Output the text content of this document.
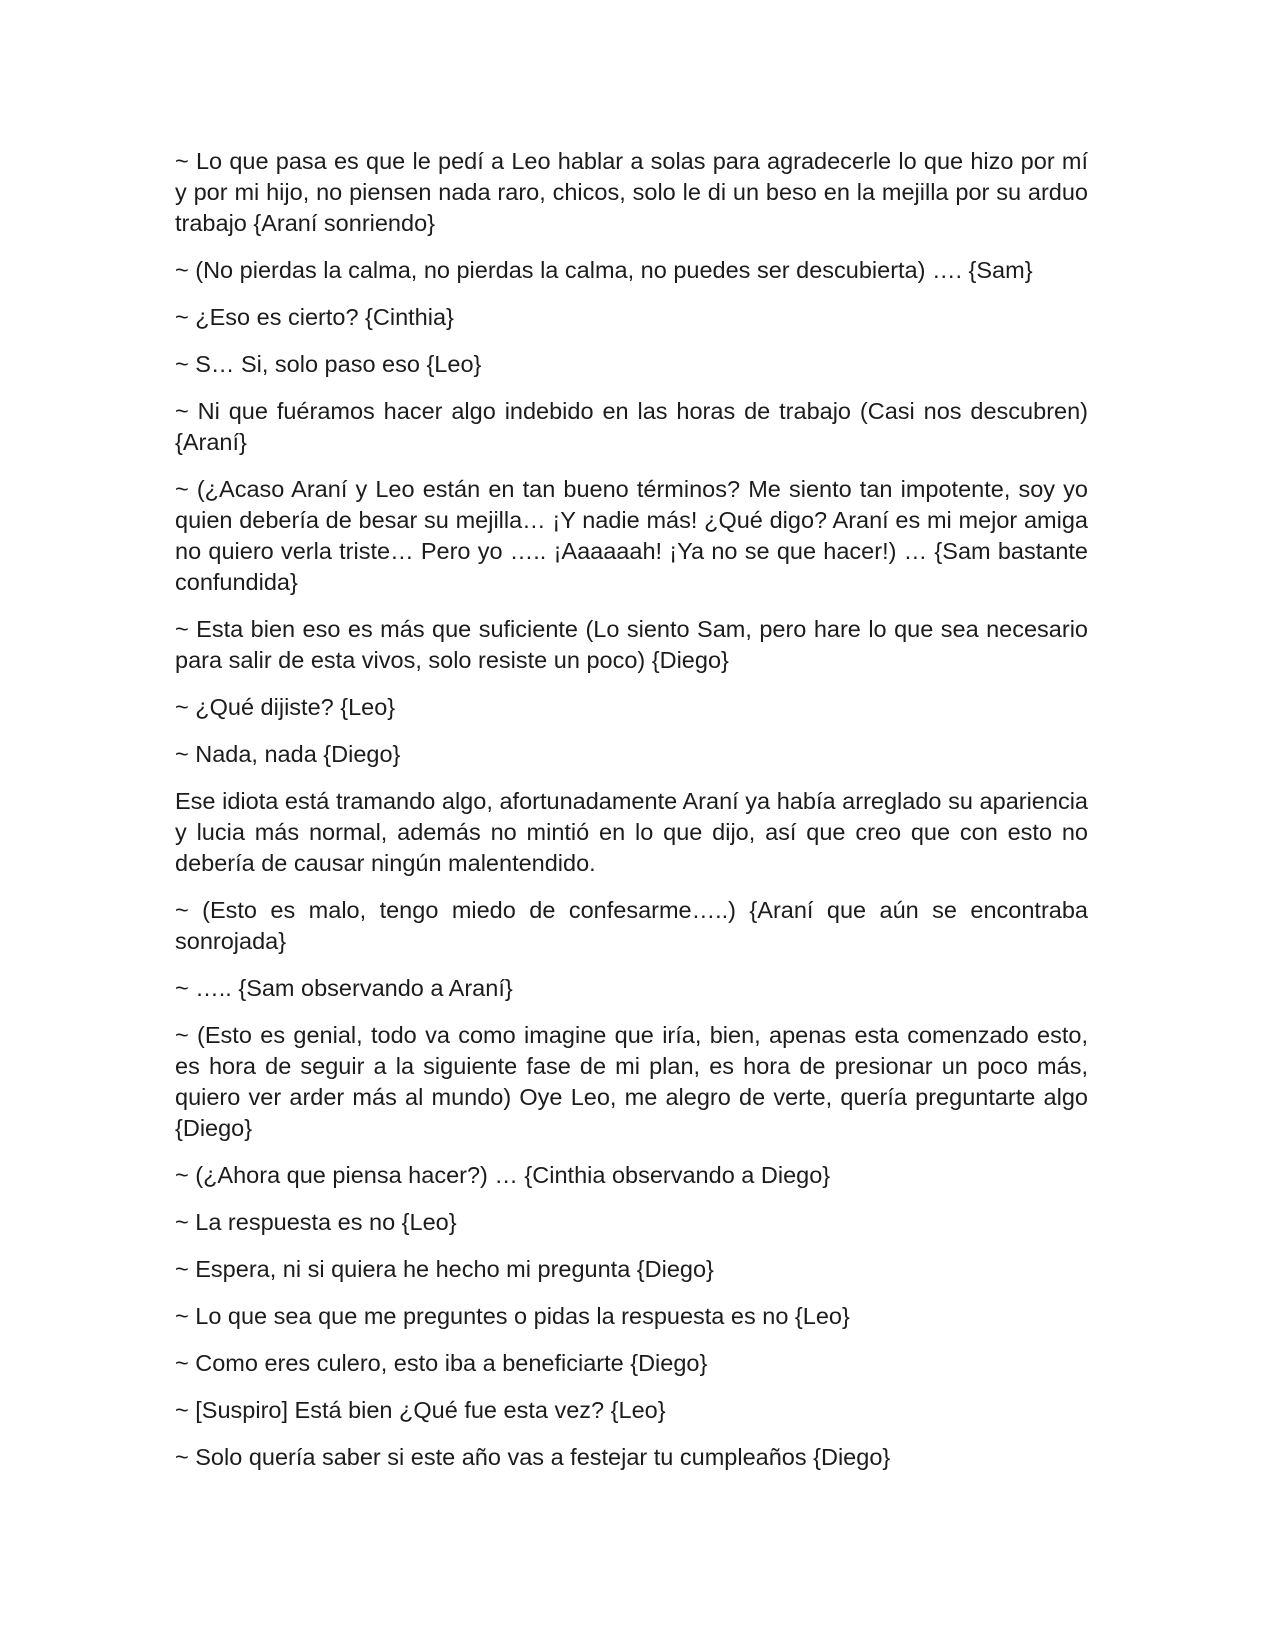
~ Lo que pasa es que le pedí a Leo hablar a solas para agradecerle lo que hizo por mí y por mi hijo, no piensen nada raro, chicos, solo le di un beso en la mejilla por su arduo trabajo {Araní sonriendo}

~ (No pierdas la calma, no pierdas la calma, no puedes ser descubierta) …. {Sam}

~ ¿Eso es cierto? {Cinthia}

~ S… Si, solo paso eso {Leo}

~ Ni que fuéramos hacer algo indebido en las horas de trabajo (Casi nos descubren) {Araní}

~ (¿Acaso Araní y Leo están en tan bueno términos? Me siento tan impotente, soy yo quien debería de besar su mejilla… ¡Y nadie más! ¿Qué digo? Araní es mi mejor amiga no quiero verla triste… Pero yo ….. ¡Aaaaaah! ¡Ya no se que hacer!) … {Sam bastante confundida}

~ Esta bien eso es más que suficiente (Lo siento Sam, pero hare lo que sea necesario para salir de esta vivos, solo resiste un poco) {Diego}

~ ¿Qué dijiste? {Leo}

~ Nada, nada {Diego}

Ese idiota está tramando algo, afortunadamente Araní ya había arreglado su apariencia y lucia más normal, además no mintió en lo que dijo, así que creo que con esto no debería de causar ningún malentendido.

~ (Esto es malo, tengo miedo de confesarme…..) {Araní que aún se encontraba sonrojada}

~ ….. {Sam observando a Araní}

~ (Esto es genial, todo va como imagine que iría, bien, apenas esta comenzado esto, es hora de seguir a la siguiente fase de mi plan, es hora de presionar un poco más, quiero ver arder más al mundo) Oye Leo, me alegro de verte, quería preguntarte algo {Diego}

~ (¿Ahora que piensa hacer?) … {Cinthia observando a Diego}

~ La respuesta es no {Leo}

~ Espera, ni si quiera he hecho mi pregunta {Diego}

~ Lo que sea que me preguntes o pidas la respuesta es no {Leo}

~ Como eres culero, esto iba a beneficiarte {Diego}

~ [Suspiro] Está bien ¿Qué fue esta vez? {Leo}

~ Solo quería saber si este año vas a festejar tu cumpleaños {Diego}
